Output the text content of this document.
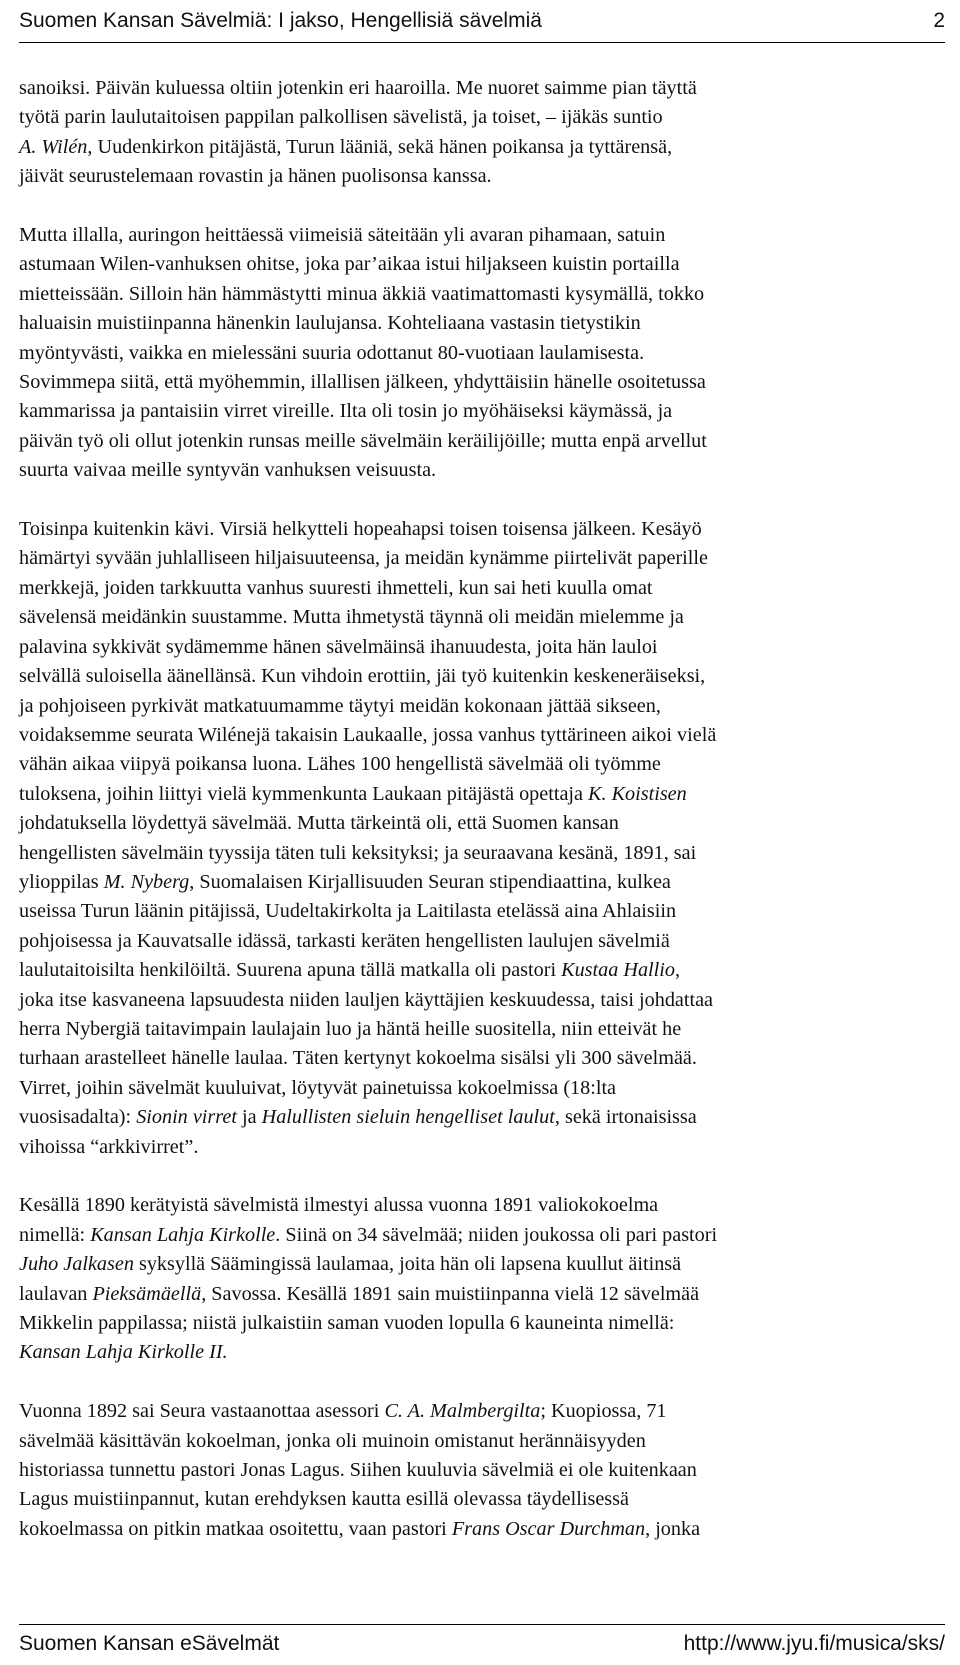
Suomen Kansan Sävelmiä: I jakso, Hengellisiä sävelmiä	2

sanoiksi. Päivän kuluessa oltiin jotenkin eri haaroilla. Me nuoret saimme pian täyttä
työtä parin laulutaitoisen pappilan palkollisen sävelistä, ja toiset, – ijäkäs suntio
A. Wilén, Uudenkirkon pitäjästä, Turun lääniä, sekä hänen poikansa ja tyttärensä,
jäivät seurustelemaan rovastin ja hänen puolisonsa kanssa.

Mutta illalla, auringon heittäessä viimeisiä säteitään yli avaran pihamaan, satuin
astumaan Wilen-vanhuksen ohitse, joka par’aikaa istui hiljakseen kuistin portailla
mietteissään. Silloin hän hämmästytti minua äkkiä vaatimattomasti kysymällä, tokko
haluaisin muistiinpanna hänenkin laulujansa. Kohteliaana vastasin tietystikin
myöntyvästi, vaikka en mielessäni suuria odottanut 80-vuotiaan laulamisesta.
Sovimmepa siitä, että myöhemmin, illallisen jälkeen, yhdyttäisiin hänelle osoitetussa
kammarissa ja pantaisiin virret vireille. Ilta oli tosin jo myöhäiseksi käymässä, ja
päivän työ oli ollut jotenkin runsas meille sävelmäin keräilijöille; mutta enpä arvellut
suurta vaivaa meille syntyvän vanhuksen veisuusta.

Toisinpa kuitenkin kävi. Virsiä helkytteli hopeahapsi toisen toisensa jälkeen. Kesäyö
hämärtyi syvään juhlalliseen hiljaisuuteensa, ja meidän kynämme piirtelivät paperille
merkkejä, joiden tarkkuutta vanhus suuresti ihmetteli, kun sai heti kuulla omat
sävelensä meidänkin suustamme. Mutta ihmetystä täynnä oli meidän mielemme ja
palavina sykkivät sydämemme hänen sävelmäinsä ihanuudesta, joita hän lauloi
selvällä suloisella äänellänsä. Kun vihdoin erottiin, jäi työ kuitenkin keskeneräiseksi,
ja pohjoiseen pyrkivät matkatuumamme täytyi meidän kokonaan jättää sikseen,
voidaksemme seurata Wilénejä takaisin Laukaalle, jossa vanhus tyttärineen aikoi vielä
vähän aikaa viipyä poikansa luona. Lähes 100 hengellistä sävelmää oli työmme
tuloksena, joihin liittyi vielä kymmenkunta Laukaan pitäjästä opettaja K. Koistisen
johdatuksella löydettyä sävelmää. Mutta tärkeintä oli, että Suomen kansan
hengellisten sävelmäin tyyssija täten tuli keksityksi; ja seuraavana kesänä, 1891, sai
ylioppilas M. Nyberg, Suomalaisen Kirjallisuuden Seuran stipendiaattina, kulkea
useissa Turun läänin pitäjissä, Uudeltakirkolta ja Laitilasta etelässä aina Ahlaisiin
pohjoisessa ja Kauvatsalle idässä, tarkasti keräten hengellisten laulujen sävelmiä
laulutaitoisilta henkilöiltä. Suurena apuna tällä matkalla oli pastori Kustaa Hallio,
joka itse kasvaneena lapsuudesta niiden lauljen käyttäjien keskuudessa, taisi johdattaa
herra Nybergiä taitavimpain laulajain luo ja häntä heille suositella, niin etteivät he
turhaan arastelleet hänelle laulaa. Täten kertynyt kokoelma sisälsi yli 300 sävelmää.
Virret, joihin sävelmät kuuluivat, löytyvät painetuissa kokoelmissa (18:lta
vuosisadalta): Sionin virret ja Halullisten sieluin hengelliset laulut, sekä irtonaisissa
vihoissa “arkkivirret”.

Kesällä 1890 kerätyistä sävelmistä ilmestyi alussa vuonna 1891 valiokokoelma
nimellä: Kansan Lahja Kirkolle. Siinä on 34 sävelmää; niiden joukossa oli pari pastori
Juho Jalkasen syksyllä Säämingissä laulamaa, joita hän oli lapsena kuullut äitinsä
laulavan Pieksämäellä, Savossa. Kesällä 1891 sain muistiinpanna vielä 12 sävelmää
Mikkelin pappilassa; niistä julkaistiin saman vuoden lopulla 6 kauneinta nimellä:
Kansan Lahja Kirkolle II.

Vuonna 1892 sai Seura vastaanottaa asessori C. A. Malmbergilta; Kuopiossa, 71
sävelmää käsittävän kokoelman, jonka oli muinoin omistanut herännäisyyden
historiassa tunnettu pastori Jonas Lagus. Siihen kuuluvia sävelmiä ei ole kuitenkaan
Lagus muistiinpannut, kutan erehdyksen kautta esillä olevassa täydellisessä
kokoelmassa on pitkin matkaa osoitettu, vaan pastori Frans Oscar Durchman, jonka

Suomen Kansan eSävelmät	http://www.jyu.fi/musica/sks/
